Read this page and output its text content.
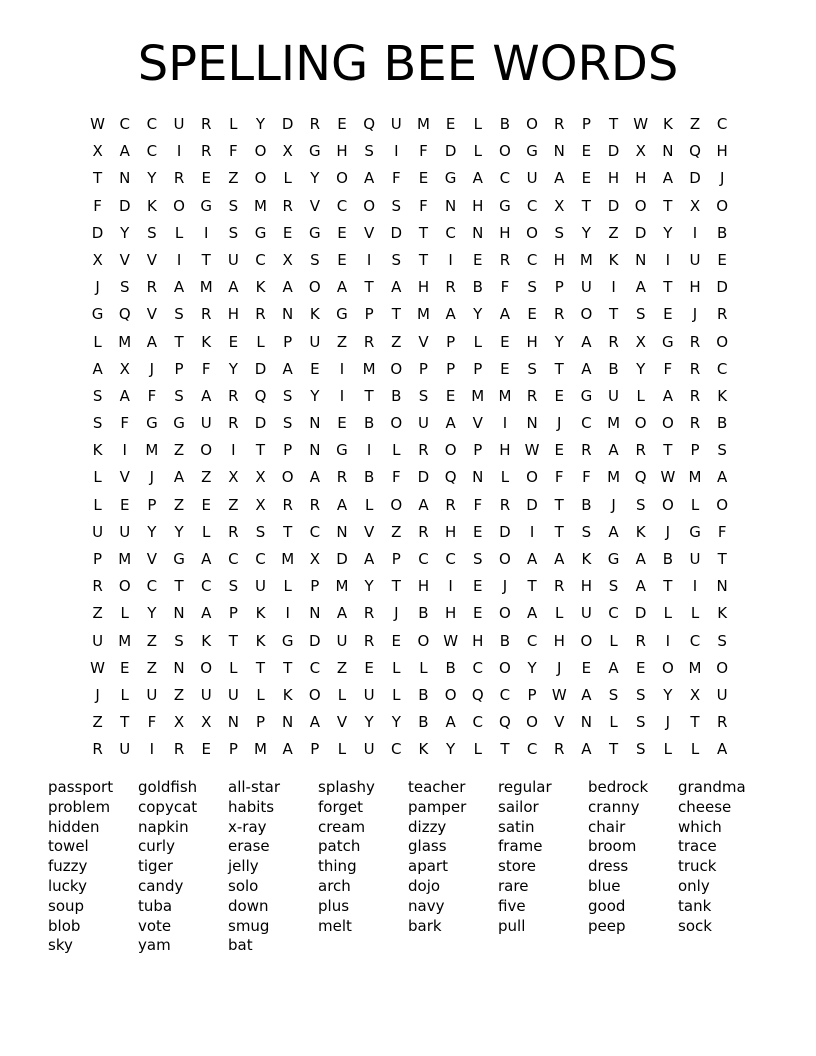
SPELLING BEE WORDS
W C C U R L Y D R E Q U M E L B O R P T W K Z C
X A C I R F O X G H S I F D L O G N E D X N Q H
T N Y R E Z O L Y O A F E G A C U A E H H A D J
F D K O G S M R V C O S F N H G C X T D O T X O
D Y S L I S G E G E V D T C N H O S Y Z D Y I B
X V V I T U C X S E I S T I E R C H M K N I U E
J S R A M A K A O A T A H R B F S P U I A T H D
G Q V S R H R N K G P T M A Y A E R O T S E J R
L M A T K E L P U Z R Z V P L E H Y A R X G R O
A X J P F Y D A E I M O P P P E S T A B Y F R C
S A F S A R Q S Y I T B S E M M R E G U L A R K
S F G G U R D S N E B O U A V I N J C M O O R B
K I M Z O I T P N G I L R O P H W E R A R T P S
L V J A Z X X O A R B F D Q N L O F F M Q W M A
L E P Z E Z X R R A L O A R F R D T B J S O L O
U U Y Y L R S T C N V Z R H E D I T S A K J G F
P M V G A C C M X D A P C C S O A A K G A B U T
R O C T C S U L P M Y T H I E J T R H S A T I N
Z L Y N A P K I N A R J B H E O A L U C D L L K
U M Z S K T K G D U R E O W H B C H O L R I C S
W E Z N O L T T C Z E L L B C O Y J E A E O M O
J L U Z U U L K O L U L B O Q C P W A S S Y X U
Z T F X X N P N A V Y Y B A C Q O V N L S J T R
R U I R E P M A P L U C K Y L T C R A T S L L A
passport
problem
hidden
towel
fuzzy
lucky
soup
blob
sky
goldfish
copycat
napkin
curly
tiger
candy
tuba
vote
yam
all-star
habits
x-ray
erase
jelly
solo
down
smug
bat
splashy
forget
cream
patch
thing
arch
plus
melt
teacher
pamper
dizzy
glass
apart
dojo
navy
bark
regular
sailor
satin
frame
store
rare
five
pull
bedrock
cranny
chair
broom
dress
blue
good
peep
grandma
cheese
which
trace
truck
only
tank
sock
